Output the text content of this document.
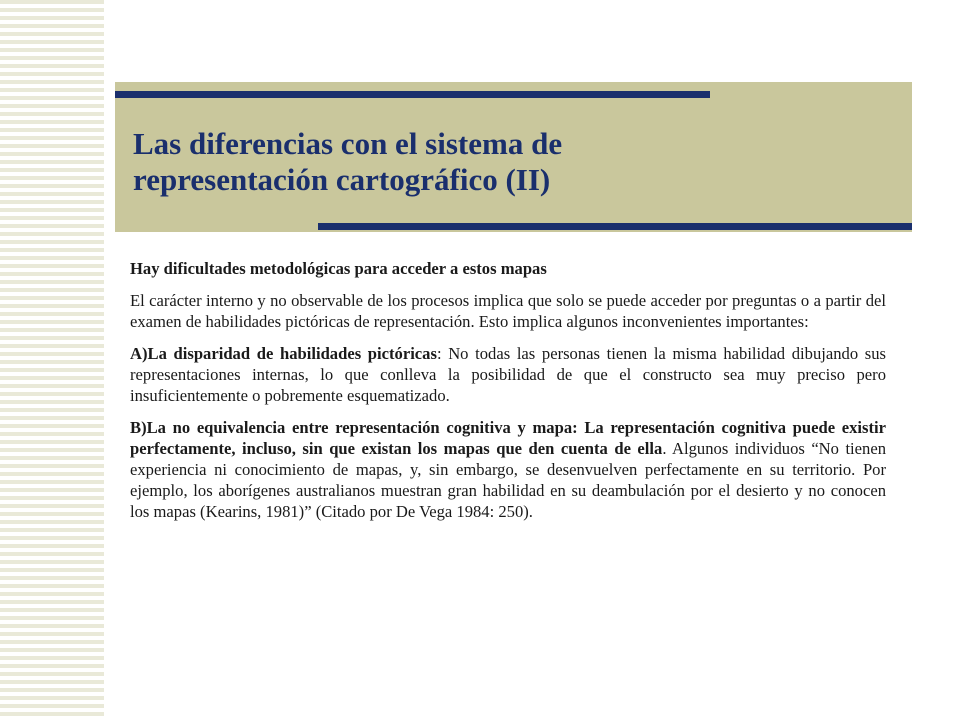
Las diferencias con el sistema de
representación cartográfico (II)

Hay dificultades metodológicas para acceder a estos mapas

El carácter interno y no observable de los procesos implica que solo se puede acceder por preguntas o a partir del examen de habilidades pictóricas de representación. Esto implica algunos inconvenientes importantes:

A)La disparidad de habilidades pictóricas: No todas las personas tienen la misma habilidad dibujando sus representaciones internas, lo que conlleva la posibilidad de que el constructo sea muy preciso pero insuficientemente o pobremente esquematizado.

B)La no equivalencia entre representación cognitiva y mapa: La representación cognitiva puede existir perfectamente, incluso, sin que existan los mapas que den cuenta de ella. Algunos individuos “No tienen experiencia ni conocimiento de mapas, y, sin embargo, se desenvuelven perfectamente en su territorio. Por ejemplo, los aborígenes australianos muestran gran habilidad en su deambulación por el desierto y no conocen los mapas (Kearins, 1981)” (Citado por De Vega 1984: 250).
